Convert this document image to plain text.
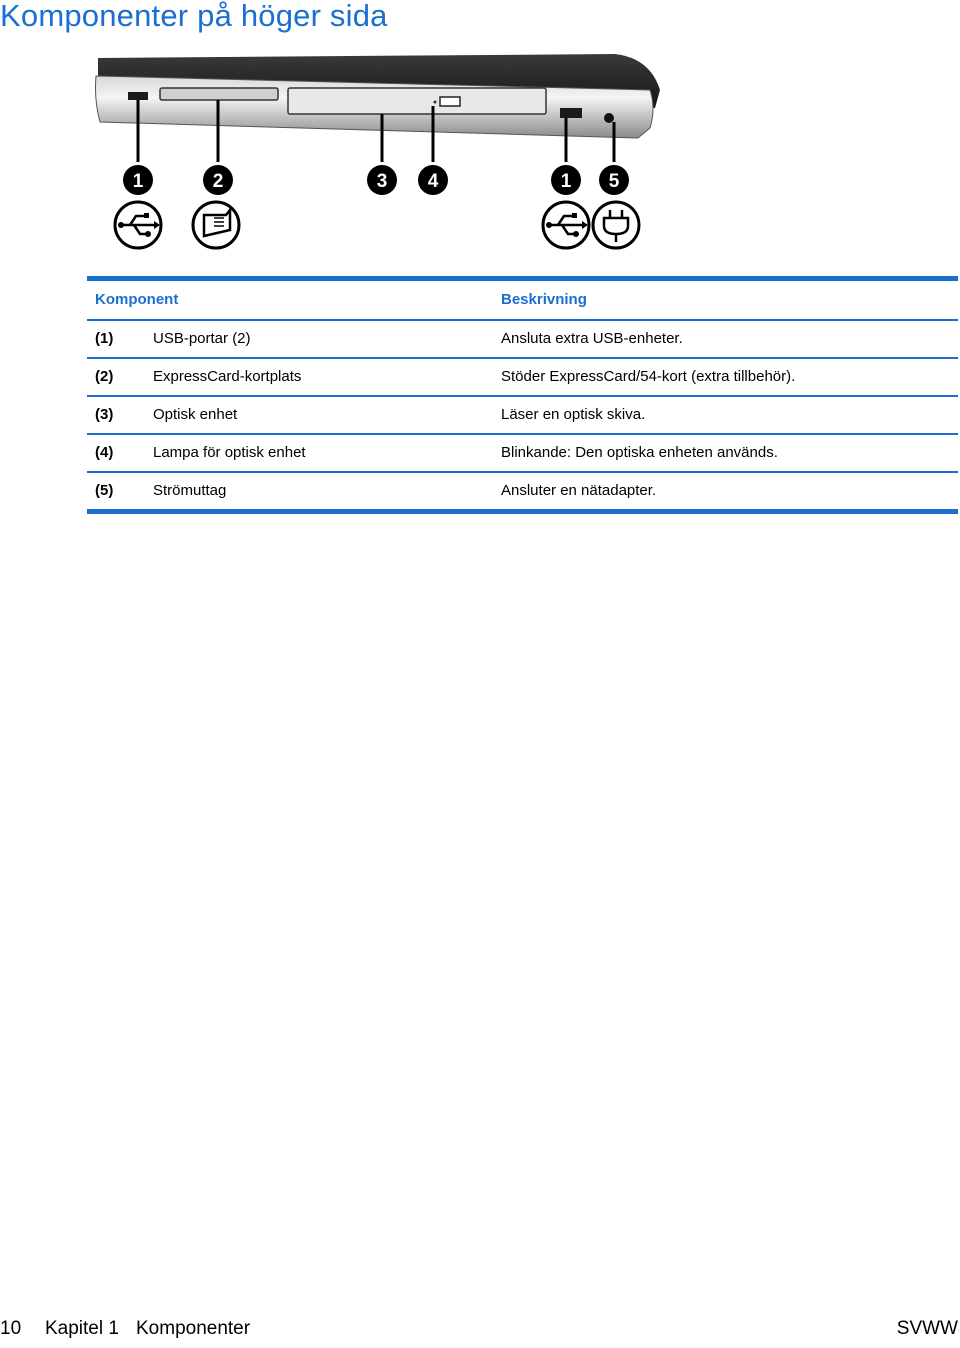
Komponenter på höger sida
1	2	3 4	1 5
Komponent	Beskrivning
(1)	USB-portar (2)	Ansluta extra USB-enheter.
(2)	ExpressCard-kortplats	Stöder ExpressCard/54-kort (extra tillbehör).
(3)	Optisk enhet	Läser en optisk skiva.
(4)	Lampa för optisk enhet	Blinkande: Den optiska enheten används.
(5)	Strömuttag	Ansluter en nätadapter.
10 Kapitel 1 Komponenter	SVWW
